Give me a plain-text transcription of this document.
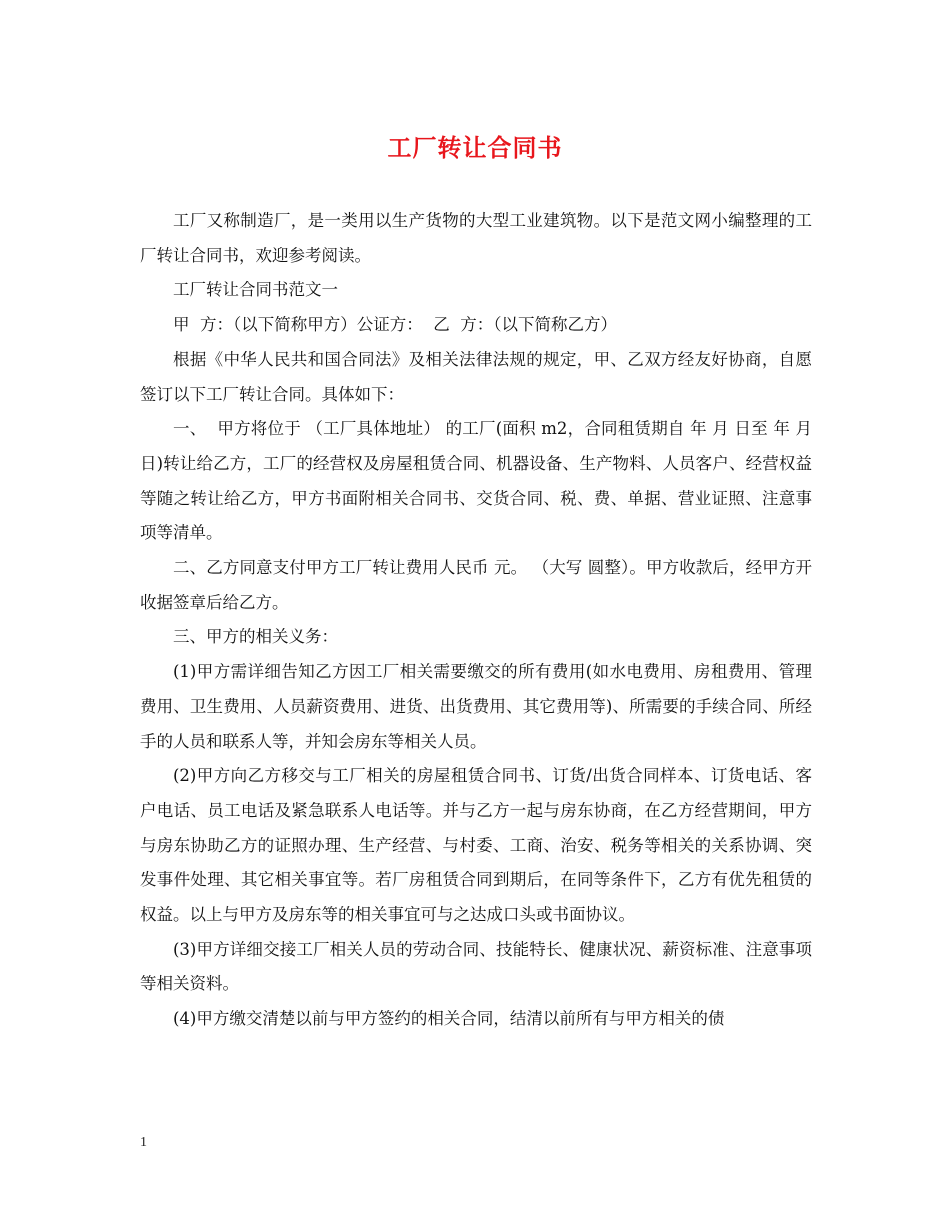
工厂转让合同书

工厂又称制造厂，是一类用以生产货物的大型工业建筑物。以下是范文网小编整理的工厂转让合同书，欢迎参考阅读。

工厂转让合同书范文一

甲  方：（以下简称甲方）公证方：  乙  方：（以下简称乙方）

根据《中华人民共和国合同法》及相关法律法规的规定，甲、乙双方经友好协商，自愿签订以下工厂转让合同。具体如下：

一、  甲方将位于 （工厂具体地址） 的工厂(面积 m2，合同租赁期自 年 月 日至 年 月 日)转让给乙方，工厂的经营权及房屋租赁合同、机器设备、生产物料、人员客户、经营权益等随之转让给乙方，甲方书面附相关合同书、交货合同、税、费、单据、营业证照、注意事项等清单。

二、乙方同意支付甲方工厂转让费用人民币 元。 （大写 圆整）。甲方收款后，经甲方开收据签章后给乙方。

三、甲方的相关义务：

(1)甲方需详细告知乙方因工厂相关需要缴交的所有费用(如水电费用、房租费用、管理费用、卫生费用、人员薪资费用、进货、出货费用、其它费用等)、所需要的手续合同、所经手的人员和联系人等，并知会房东等相关人员。

(2)甲方向乙方移交与工厂相关的房屋租赁合同书、订货/出货合同样本、订货电话、客户电话、员工电话及紧急联系人电话等。并与乙方一起与房东协商，在乙方经营期间，甲方与房东协助乙方的证照办理、生产经营、与村委、工商、治安、税务等相关的关系协调、突发事件处理、其它相关事宜等。若厂房租赁合同到期后，在同等条件下，乙方有优先租赁的权益。以上与甲方及房东等的相关事宜可与之达成口头或书面协议。

(3)甲方详细交接工厂相关人员的劳动合同、技能特长、健康状况、薪资标准、注意事项等相关资料。

(4)甲方缴交清楚以前与甲方签约的相关合同，结清以前所有与甲方相关的债

1
